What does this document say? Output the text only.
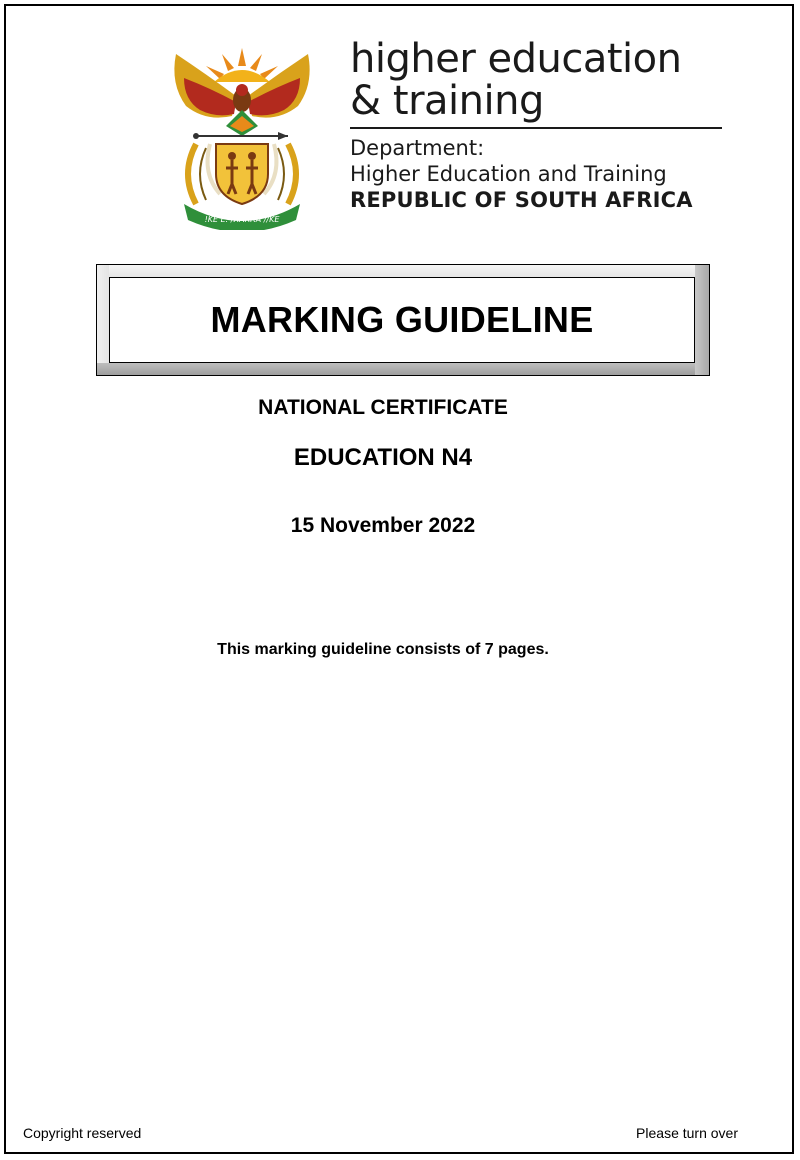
!KE E: /XARRA //KE
higher education
& training
Department:
Higher Education and Training
REPUBLIC OF SOUTH AFRICA
MARKING GUIDELINE
NATIONAL CERTIFICATE
EDUCATION N4
15 November 2022
This marking guideline consists of 7 pages.
Copyright reserved	Please turn over
